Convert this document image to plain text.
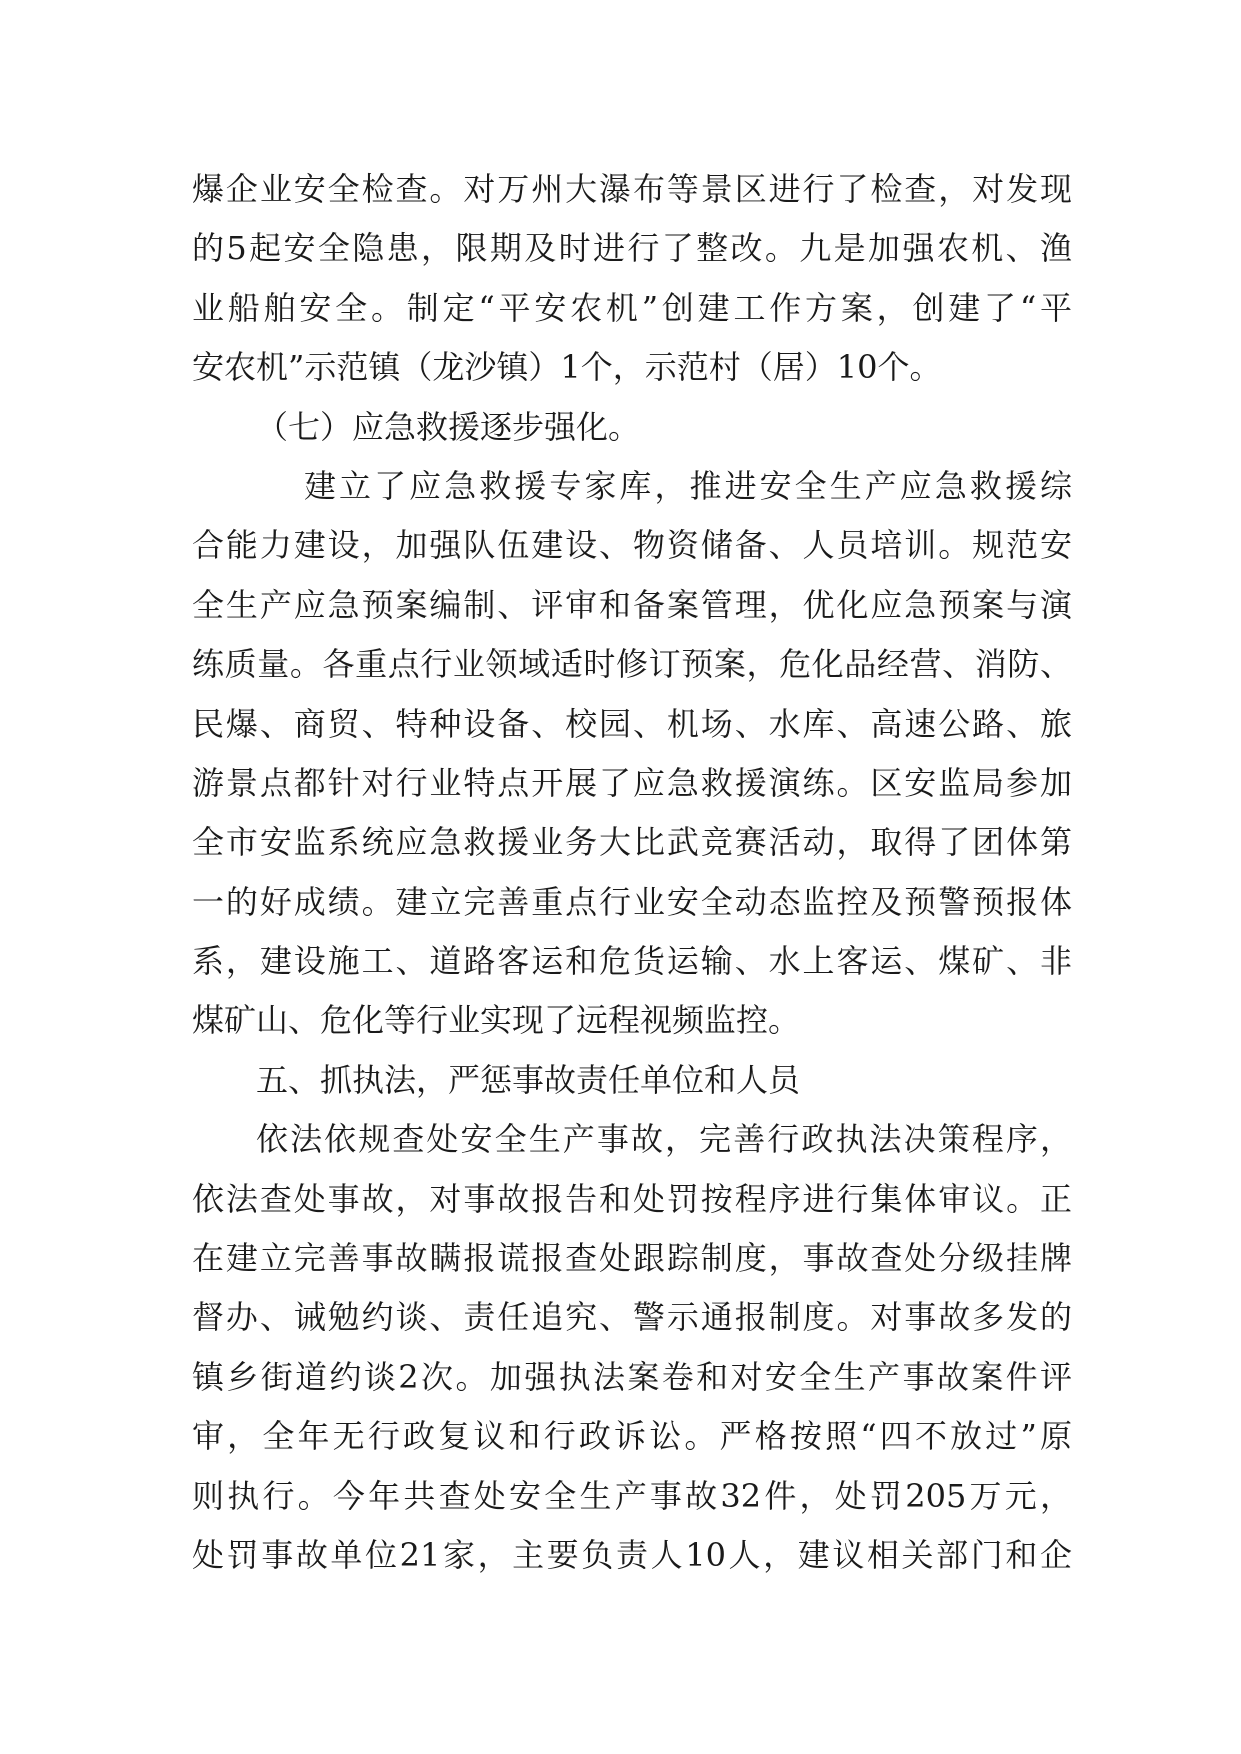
爆企业安全检查。对万州大瀑布等景区进行了检查，对发现
的5起安全隐患，限期及时进行了整改。九是加强农机、渔
业船舶安全。制定“平安农机”创建工作方案，创建了“平
安农机”示范镇（龙沙镇）1个，示范村（居）10个。
（七）应急救援逐步强化。
建立了应急救援专家库，推进安全生产应急救援综
合能力建设，加强队伍建设、物资储备、人员培训。规范安
全生产应急预案编制、评审和备案管理，优化应急预案与演
练质量。各重点行业领域适时修订预案，危化品经营、消防、
民爆、商贸、特种设备、校园、机场、水库、高速公路、旅
游景点都针对行业特点开展了应急救援演练。区安监局参加
全市安监系统应急救援业务大比武竞赛活动，取得了团体第
一的好成绩。建立完善重点行业安全动态监控及预警预报体
系，建设施工、道路客运和危货运输、水上客运、煤矿、非
煤矿山、危化等行业实现了远程视频监控。
五、抓执法，严惩事故责任单位和人员
依法依规查处安全生产事故，完善行政执法决策程序，
依法查处事故，对事故报告和处罚按程序进行集体审议。正
在建立完善事故瞒报谎报查处跟踪制度，事故查处分级挂牌
督办、诫勉约谈、责任追究、警示通报制度。对事故多发的
镇乡街道约谈2次。加强执法案卷和对安全生产事故案件评
审，全年无行政复议和行政诉讼。严格按照“四不放过”原
则执行。今年共查处安全生产事故32件，处罚205万元，
处罚事故单位21家，主要负责人10人，建议相关部门和企
